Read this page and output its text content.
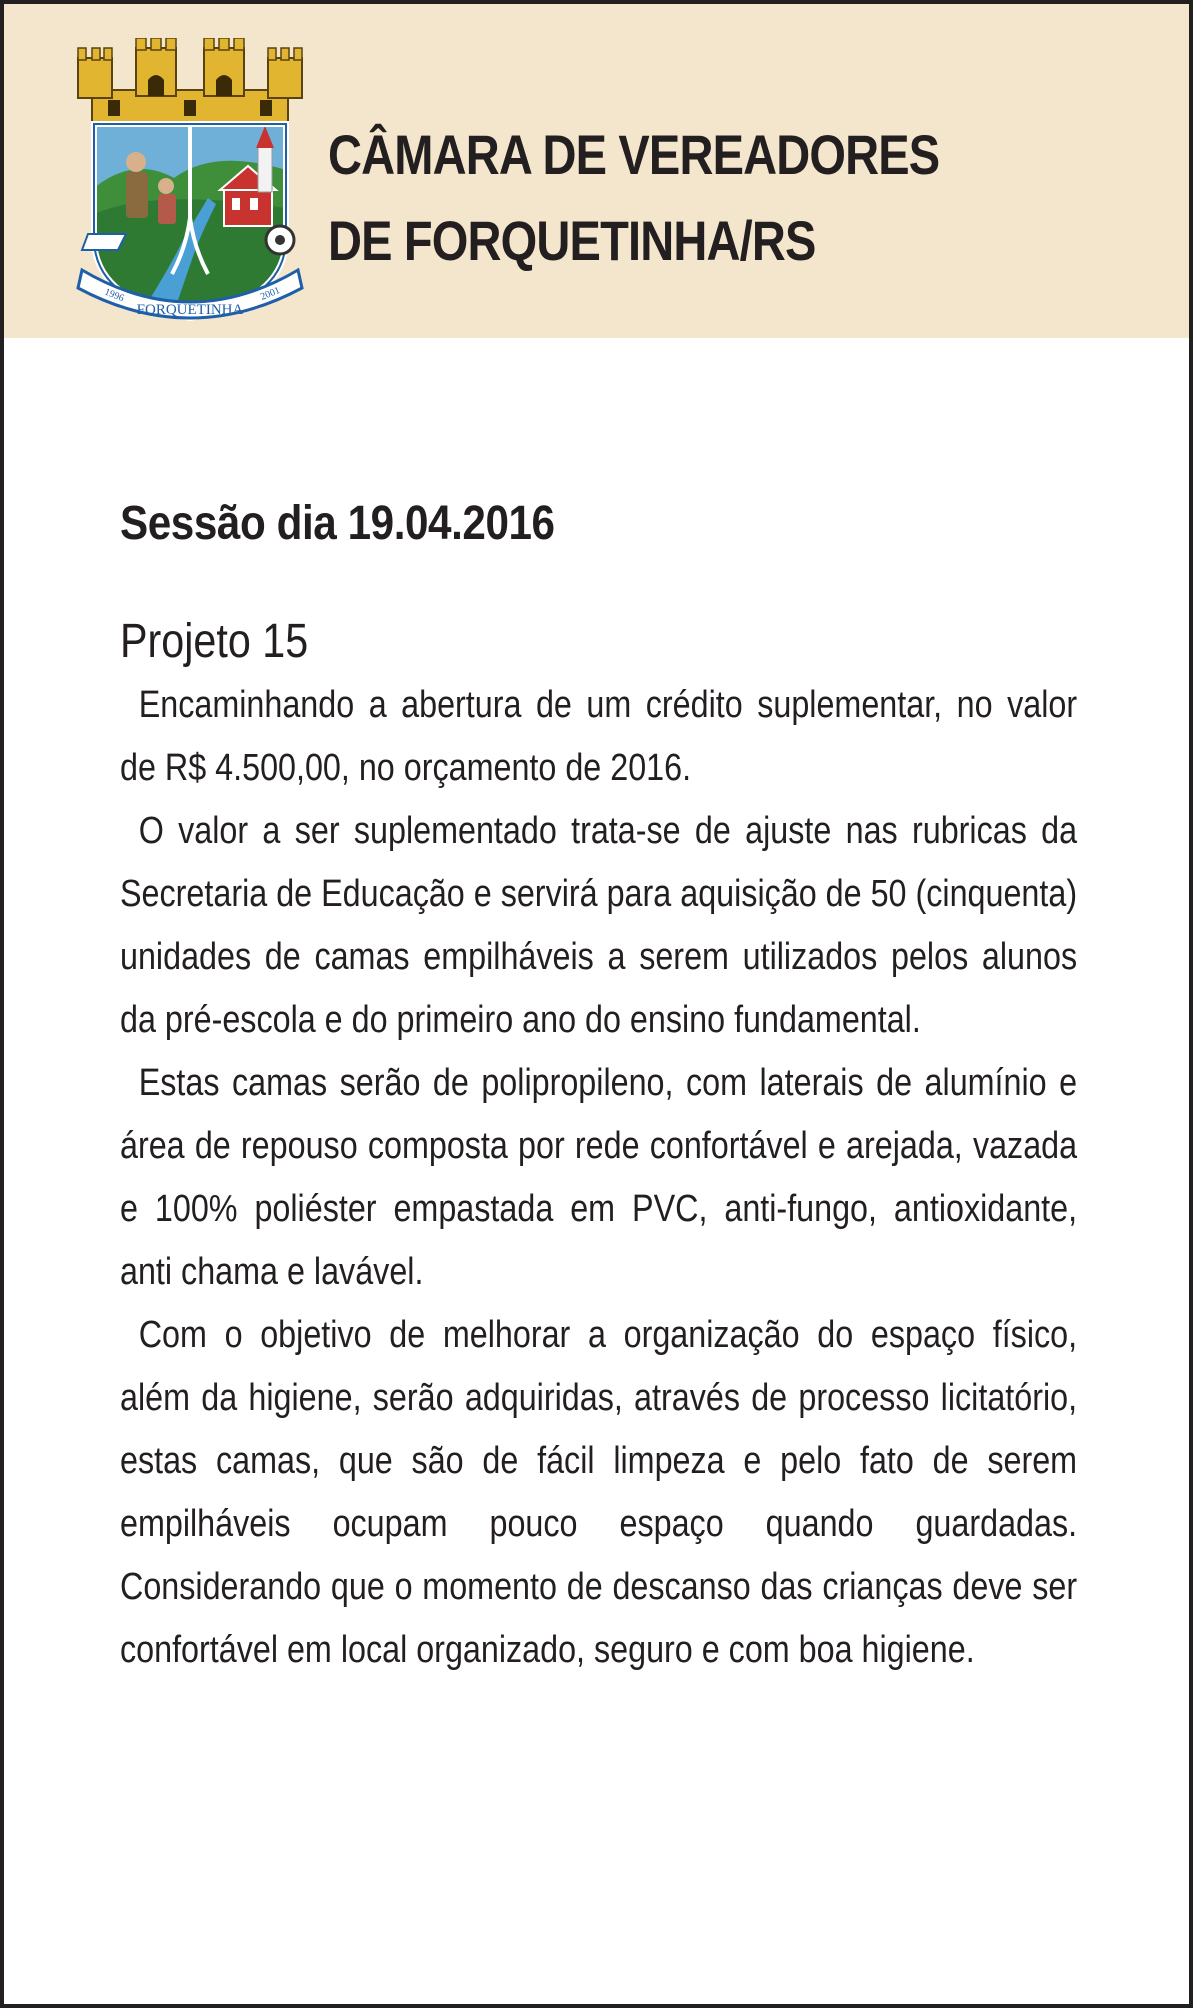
FORQUETINHA
1996	2001
CÂMARA DE VEREADORES
DE FORQUETINHA/RS
Sessão dia 19.04.2016
Projeto 15

Encaminhando a abertura de um crédito suplementar, no valor de R$ 4.500,00, no orçamento de 2016.

O valor a ser suplementado trata-se de ajuste nas rubricas da Secretaria de Educação e servirá para aquisição de 50 (cinquenta) unidades de camas empilháveis a serem utilizados pelos alunos da pré-escola e do primeiro ano do ensino fundamental.

Estas camas serão de polipropileno, com laterais de alumínio e área de repouso composta por rede confortável e arejada, vazada e 100% poliéster empastada em PVC, anti-fungo, antioxidante, anti chama e lavável.

Com o objetivo de melhorar a organização do espaço físico, além da higiene, serão adquiridas, através de processo licitatório, estas camas, que são de fácil limpeza e pelo fato de serem empilháveis ocupam pouco espaço quando guardadas. Considerando que o momento de descanso das crianças deve ser confortável em local organizado, seguro e com boa higiene.
